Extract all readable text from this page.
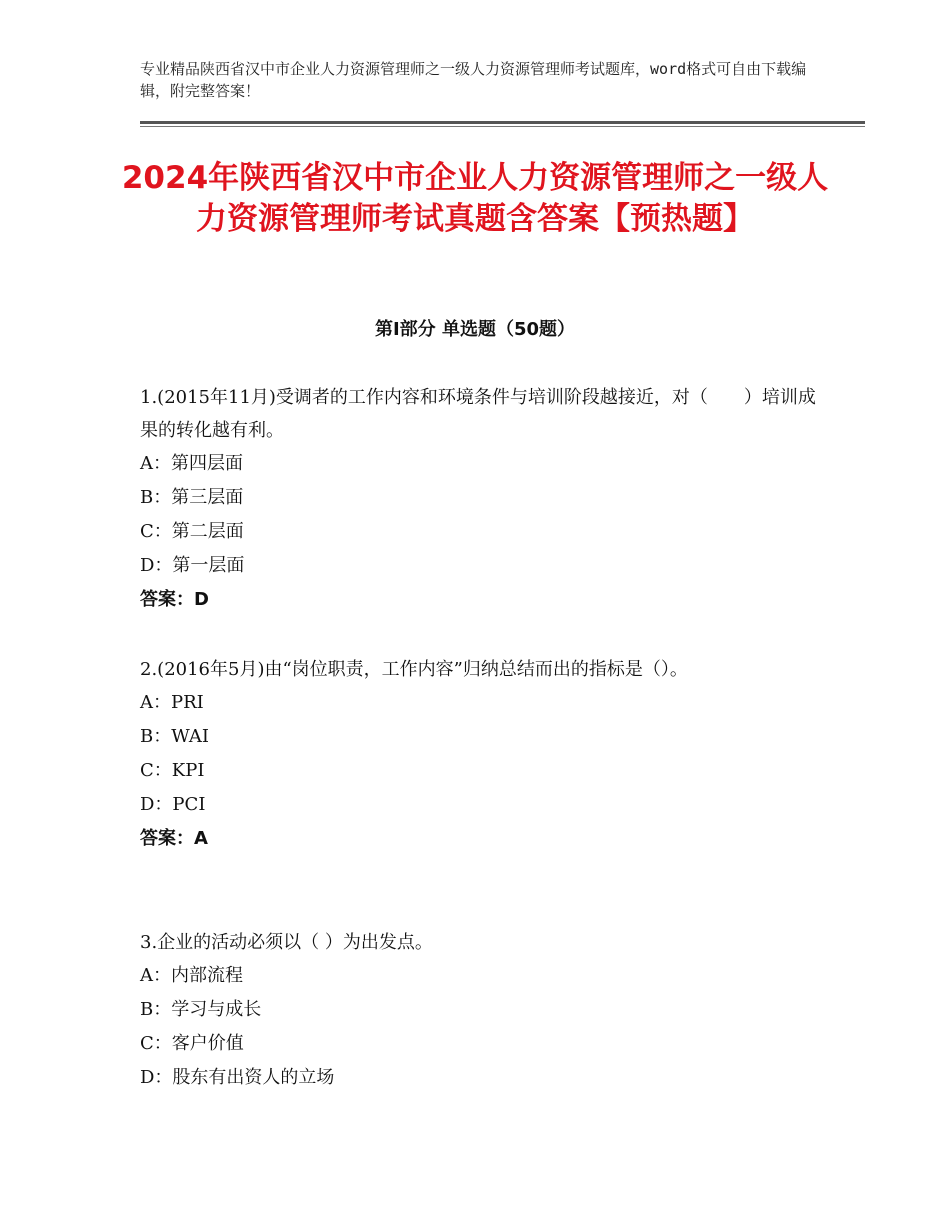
专业精品陕西省汉中市企业人力资源管理师之一级人力资源管理师考试题库，word格式可自由下载编辑，附完整答案！
2024年陕西省汉中市企业人力资源管理师之一级人力资源管理师考试真题含答案【预热题】
第Ⅰ部分 单选题（50题）

1.(2015年11月)受调者的工作内容和环境条件与培训阶段越接近，对（　　）培训成果的转化越有利。

A：第四层面

B：第三层面

C：第二层面

D：第一层面

答案：D

2.(2016年5月)由“岗位职责，工作内容”归纳总结而出的指标是（）。

A：PRI

B：WAI

C：KPI

D：PCI

答案：A

3.企业的活动必须以（ ）为出发点。

A：内部流程

B：学习与成长

C：客户价值

D：股东有出资人的立场
